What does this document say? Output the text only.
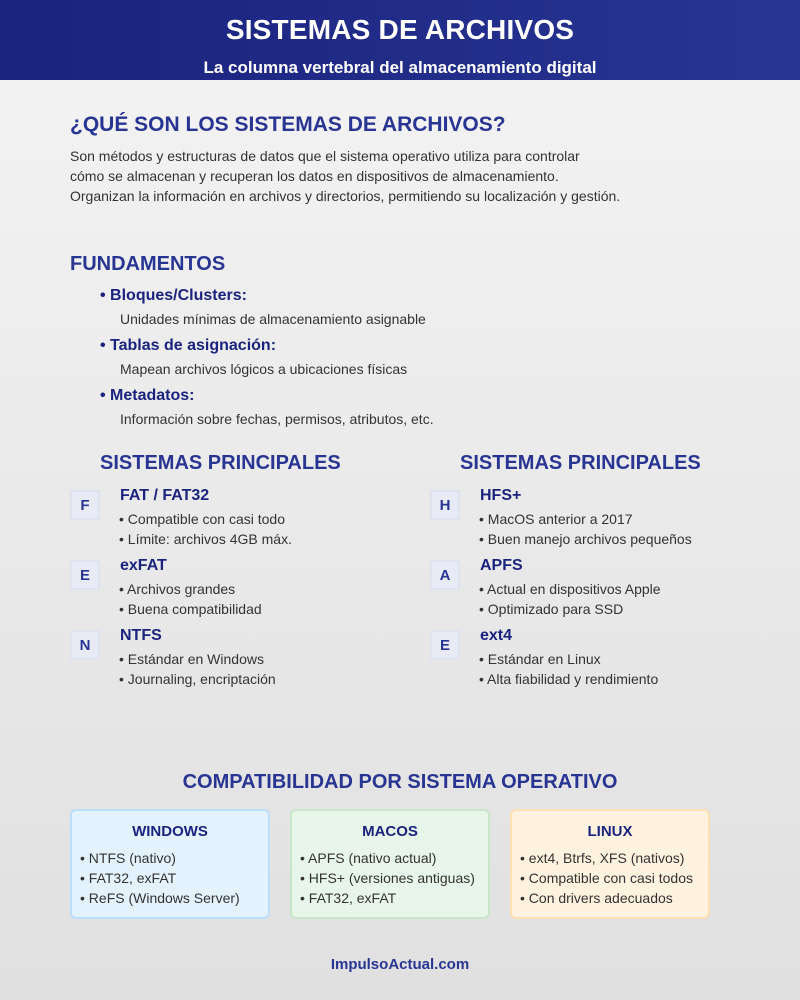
SISTEMAS DE ARCHIVOS
La columna vertebral del almacenamiento digital
¿QUÉ SON LOS SISTEMAS DE ARCHIVOS?
Son métodos y estructuras de datos que el sistema operativo utiliza para controlar
cómo se almacenan y recuperan los datos en dispositivos de almacenamiento.
Organizan la información en archivos y directorios, permitiendo su localización y gestión.
FUNDAMENTOS
• Bloques/Clusters:
Unidades mínimas de almacenamiento asignable
• Tablas de asignación:
Mapean archivos lógicos a ubicaciones físicas
• Metadatos:
Información sobre fechas, permisos, atributos, etc.
SISTEMAS PRINCIPALES
F
FAT / FAT32
• Compatible con casi todo
• Límite: archivos 4GB máx.
E
exFAT
• Archivos grandes
• Buena compatibilidad
N
NTFS
• Estándar en Windows
• Journaling, encriptación
SISTEMAS PRINCIPALES
H
HFS+
• MacOS anterior a 2017
• Buen manejo archivos pequeños
A
APFS
• Actual en dispositivos Apple
• Optimizado para SSD
E
ext4
• Estándar en Linux
• Alta fiabilidad y rendimiento
COMPATIBILIDAD POR SISTEMA OPERATIVO
WINDOWS
• NTFS (nativo)
• FAT32, exFAT
• ReFS (Windows Server)
MACOS
• APFS (nativo actual)
• HFS+ (versiones antiguas)
• FAT32, exFAT
LINUX
• ext4, Btrfs, XFS (nativos)
• Compatible con casi todos
• Con drivers adecuados
ImpulsoActual.com
